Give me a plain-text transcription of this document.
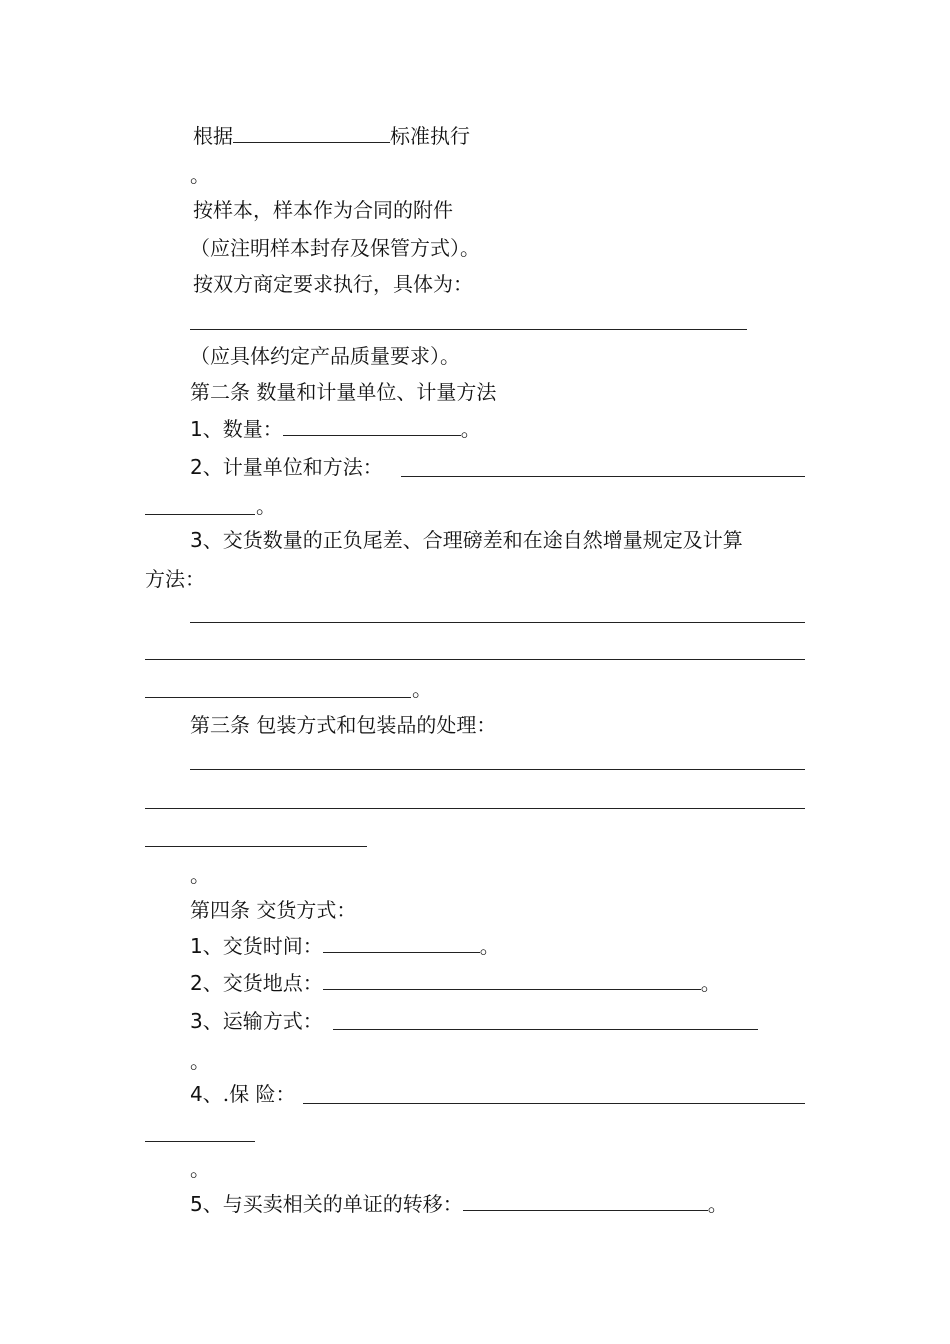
根据	标准执行
。
按样本，样本作为合同的附件
（应注明样本封存及保管方式）。
按双方商定要求执行，具体为：
（应具体约定产品质量要求）。
第二条 数量和计量单位、计量方法
1、数量：	。
2、计量单位和方法：
。
3、交货数量的正负尾差、合理磅差和在途自然增量规定及计算
方法：
。
第三条 包装方式和包装品的处理：
。
第四条 交货方式：
1、交货时间：	。
2、交货地点：	。
3、运输方式：
。
4、.保 险：
。
5、与买卖相关的单证的转移：	。
